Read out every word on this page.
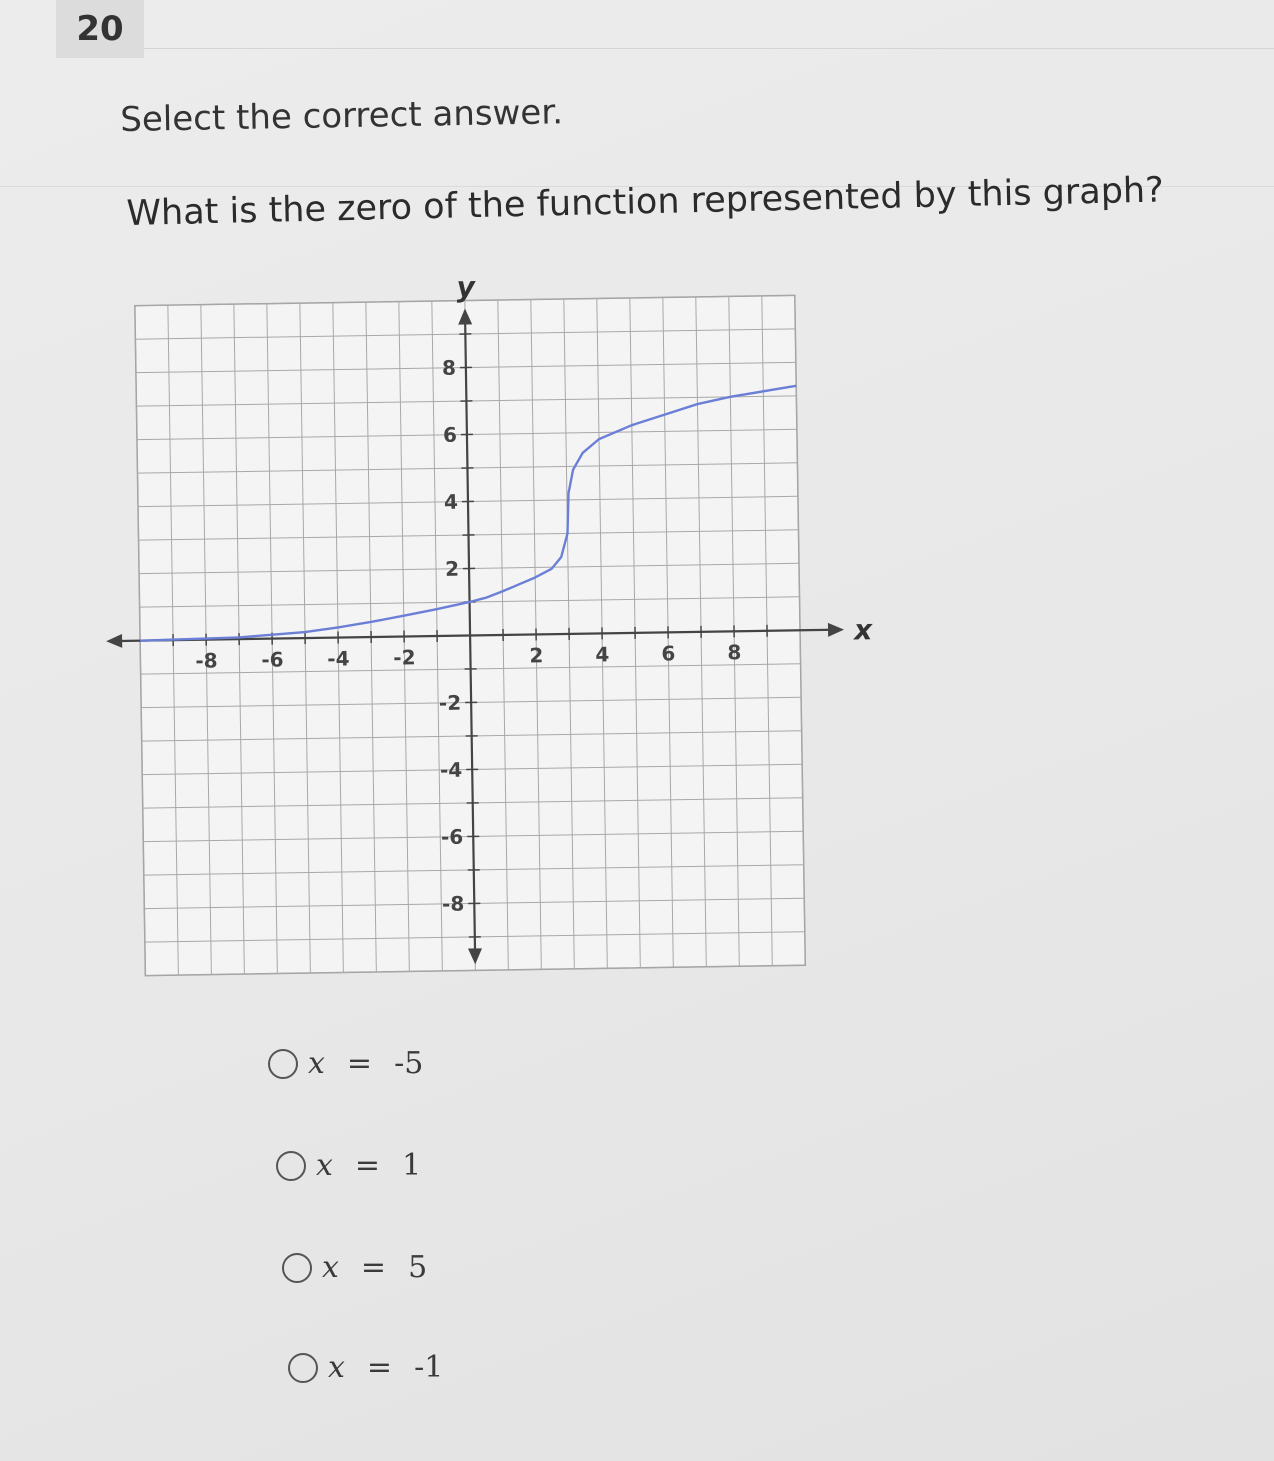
20
Select the correct answer.
What is the zero of the function represented by this graph?
-8 -6 -4 -2	2	4	6	8
8
6
4
2
-2
-4
-6
-8
x
y
x = -5
x = 1
x = 5
x = -1
